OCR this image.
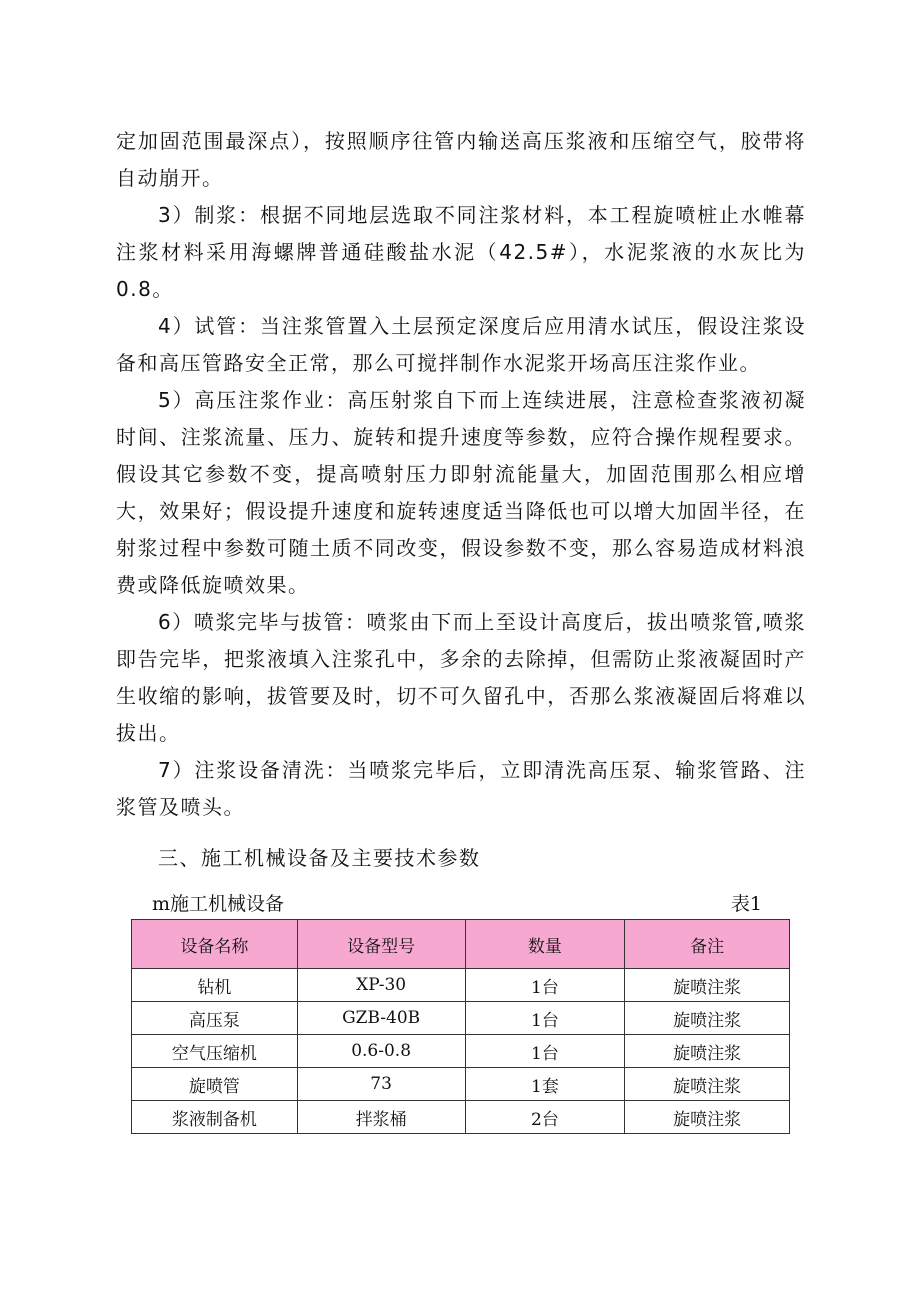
定加固范围最深点），按照顺序往管内输送高压浆液和压缩空气，胶带将自动崩开。

3）制浆：根据不同地层选取不同注浆材料，本工程旋喷桩止水帷幕注浆材料采用海螺牌普通硅酸盐水泥（42.5#），水泥浆液的水灰比为0.8。

4）试管：当注浆管置入土层预定深度后应用清水试压，假设注浆设备和高压管路安全正常，那么可搅拌制作水泥浆开场高压注浆作业。

5）高压注浆作业：高压射浆自下而上连续进展，注意检查浆液初凝时间、注浆流量、压力、旋转和提升速度等参数，应符合操作规程要求。假设其它参数不变，提高喷射压力即射流能量大，加固范围那么相应增大，效果好；假设提升速度和旋转速度适当降低也可以增大加固半径，在射浆过程中参数可随土质不同改变，假设参数不变，那么容易造成材料浪费或降低旋喷效果。

6）喷浆完毕与拔管：喷浆由下而上至设计高度后，拔出喷浆管,喷浆即告完毕，把浆液填入注浆孔中，多余的去除掉，但需防止浆液凝固时产生收缩的影响，拔管要及时，切不可久留孔中，否那么浆液凝固后将难以拔出。

7）注浆设备清洗：当喷浆完毕后，立即清洗高压泵、输浆管路、注浆管及喷头。

三、施工机械设备及主要技术参数
m施工机械设备	表1
设备名称	设备型号	数量	备注
钻机	XP-30	1台	旋喷注浆
高压泵	GZB-40B	1台	旋喷注浆
空气压缩机	0.6-0.8	1台	旋喷注浆
旋喷管	73	1套	旋喷注浆
浆液制备机	拌浆桶	2台	旋喷注浆
